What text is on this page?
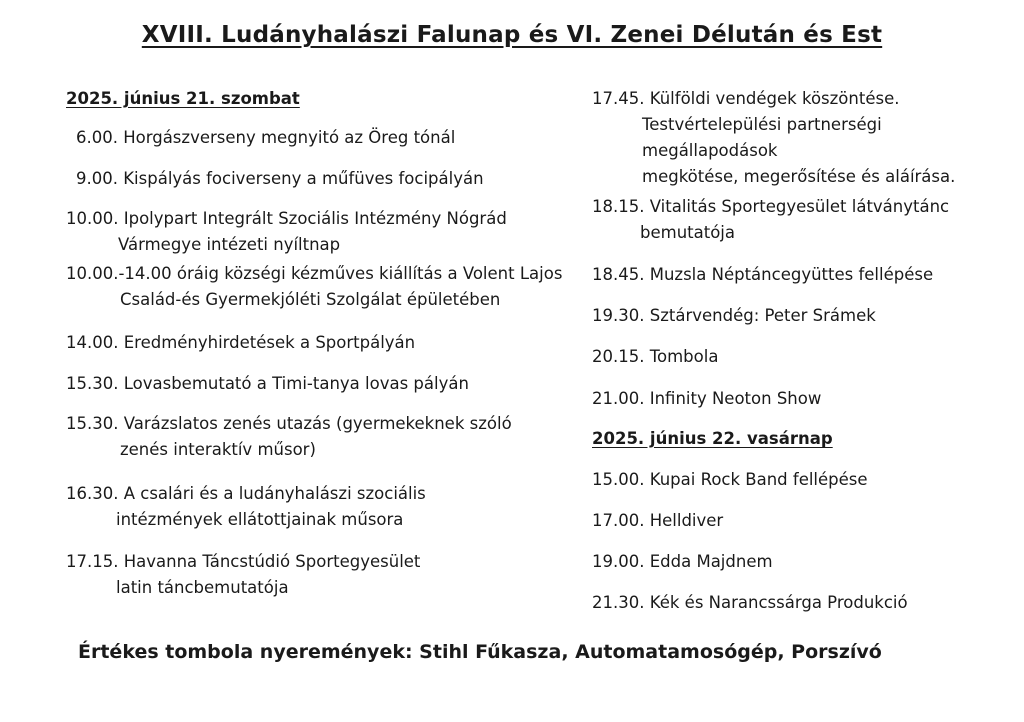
XVIII. Ludányhalászi Falunap és VI. Zenei Délután és Est
2025. június 21. szombat
6.00. Horgászverseny megnyitó az Öreg tónál
9.00. Kispályás fociverseny a műfüves focipályán
10.00. Ipolypart Integrált Szociális Intézmény Nógrád
Vármegye intézeti nyíltnap
10.00.-14.00 óráig községi kézműves kiállítás a Volent Lajos
Család-és Gyermekjóléti Szolgálat épületében
14.00. Eredményhirdetések a Sportpályán
15.30. Lovasbemutató a Timi-tanya lovas pályán
15.30. Varázslatos zenés utazás (gyermekeknek szóló
zenés interaktív műsor)
16.30. A csalári és a ludányhalászi szociális
intézmények ellátottjainak műsora
17.15. Havanna Táncstúdió Sportegyesület
latin táncbemutatója
17.45. Külföldi vendégek köszöntése.
Testvértelepülési partnerségi
megállapodások
megkötése, megerősítése és aláírása.
18.15. Vitalitás Sportegyesület látványtánc
bemutatója
18.45. Muzsla Néptáncegyüttes fellépése
19.30. Sztárvendég: Peter Srámek
20.15. Tombola
21.00. Infinity Neoton Show
2025. június 22. vasárnap
15.00. Kupai Rock Band fellépése
17.00. Helldiver
19.00. Edda Majdnem
21.30. Kék és Narancssárga Produkció
Értékes tombola nyeremények: Stihl Fűkasza, Automatamosógép, Porszívó
